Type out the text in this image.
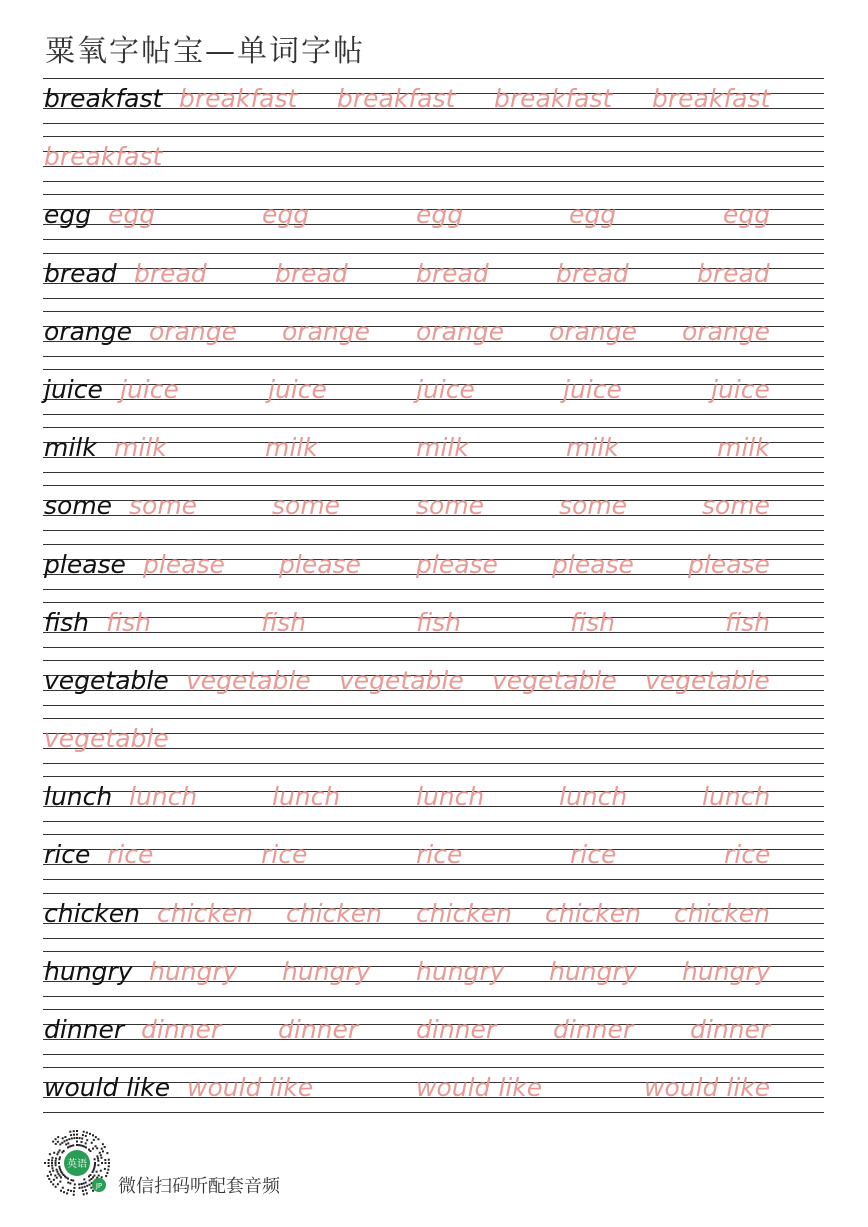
粟氧字帖宝—单词字帖
breakfast breakfast breakfast breakfast breakfast
breakfast
egg egg	egg	egg	egg	egg
bread bread	bread	bread	bread	bread
orange orange orange orange orange orange
juice juice	juice	juice	juice	juice
milk milk	milk	milk	milk	milk
some some	some	some	some	some
please please please please please please
fish fish	fish	fish	fish	fish
vegetable vegetable vegetable vegetable vegetable
vegetable
lunch lunch	lunch	lunch	lunch	lunch
rice rice	rice	rice	rice	rice
chicken chicken chicken chicken chicken chicken
hungry hungry hungry hungry hungry hungry
dinner dinner dinner dinner dinner dinner
would like would like	would like	would like
英语
JP 微信扫码听配套音频
